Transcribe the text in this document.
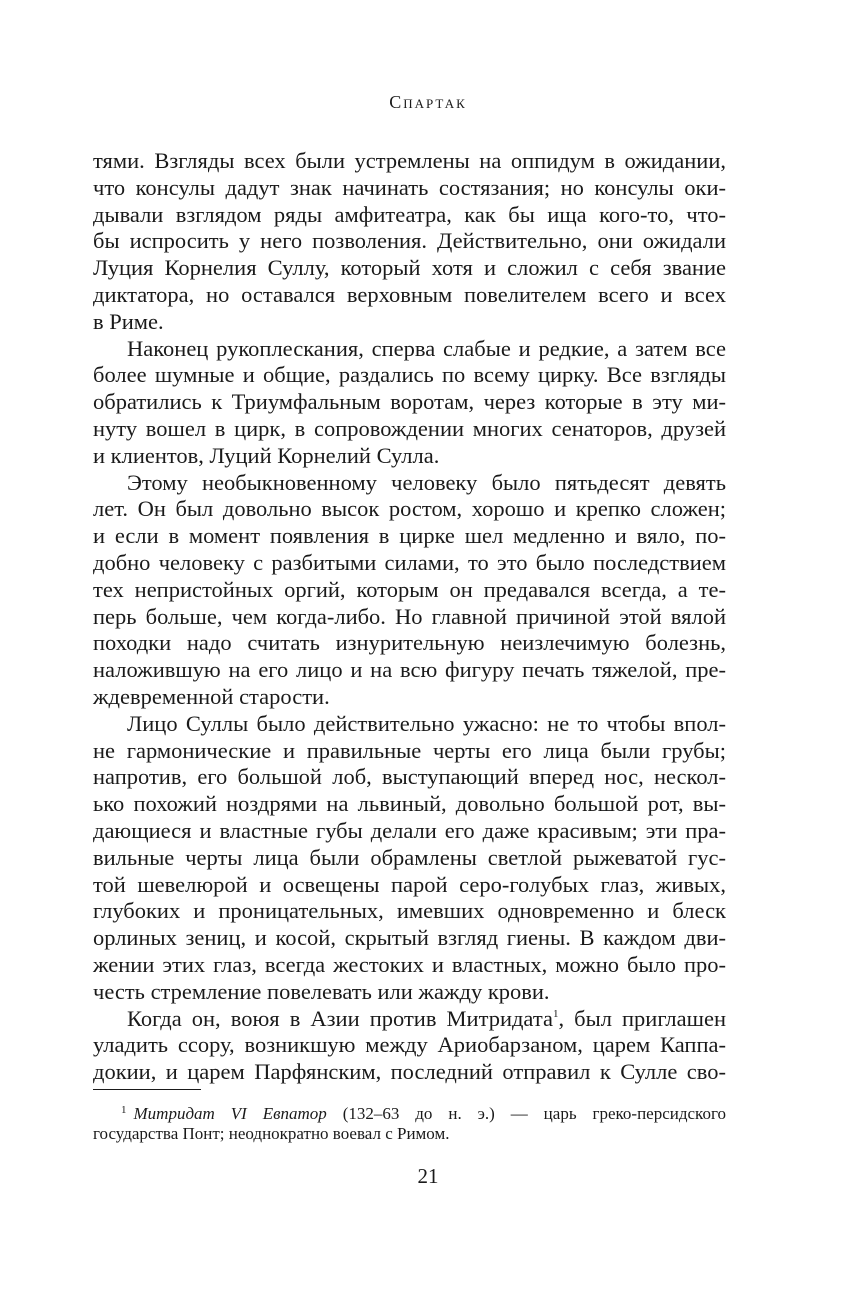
Спартак
тями. Взгляды всех были устремлены на оппидум в ожидании,
что консулы дадут знак начинать состязания; но консулы оки-
дывали взглядом ряды амфитеатра, как бы ища кого-то, что-
бы испросить у него позволения. Действительно, они ожидали
Луция Корнелия Суллу, который хотя и сложил с себя звание
диктатора, но оставался верховным повелителем всего и всех
в Риме.
Наконец рукоплескания, сперва слабые и редкие, а затем все
более шумные и общие, раздались по всему цирку. Все взгляды
обратились к Триумфальным воротам, через которые в эту ми-
нуту вошел в цирк, в сопровождении многих сенаторов, друзей
и клиентов, Луций Корнелий Сулла.
Этому необыкновенному человеку было пятьдесят девять
лет. Он был довольно высок ростом, хорошо и крепко сложен;
и если в момент появления в цирке шел медленно и вяло, по-
добно человеку с разбитыми силами, то это было последствием
тех непристойных оргий, которым он предавался всегда, а те-
перь больше, чем когда-либо. Но главной причиной этой вялой
походки надо считать изнурительную неизлечимую болезнь,
наложившую на его лицо и на всю фигуру печать тяжелой, пре-
ждевременной старости.
Лицо Суллы было действительно ужасно: не то чтобы впол-
не гармонические и правильные черты его лица были грубы;
напротив, его большой лоб, выступающий вперед нос, нескол-
ько похожий ноздрями на львиный, довольно большой рот, вы-
дающиеся и властные губы делали его даже красивым; эти пра-
вильные черты лица были обрамлены светлой рыжеватой гус-
той шевелюрой и освещены парой серо-голубых глаз, живых,
глубоких и проницательных, имевших одновременно и блеск
орлиных зениц, и косой, скрытый взгляд гиены. В каждом дви-
жении этих глаз, всегда жестоких и властных, можно было про-
честь стремление повелевать или жажду крови.
Когда он, воюя в Азии против Митридата$^1$, был приглашен
уладить ссору, возникшую между Ариобарзаном, царем Каппа-
докии, и царем Парфянским, последний отправил к Сулле сво-
$^1$ Митридат VI Евпатор (132–63 до н. э.) — царь греко-персидского
государства Понт; неоднократно воевал с Римом.
21
